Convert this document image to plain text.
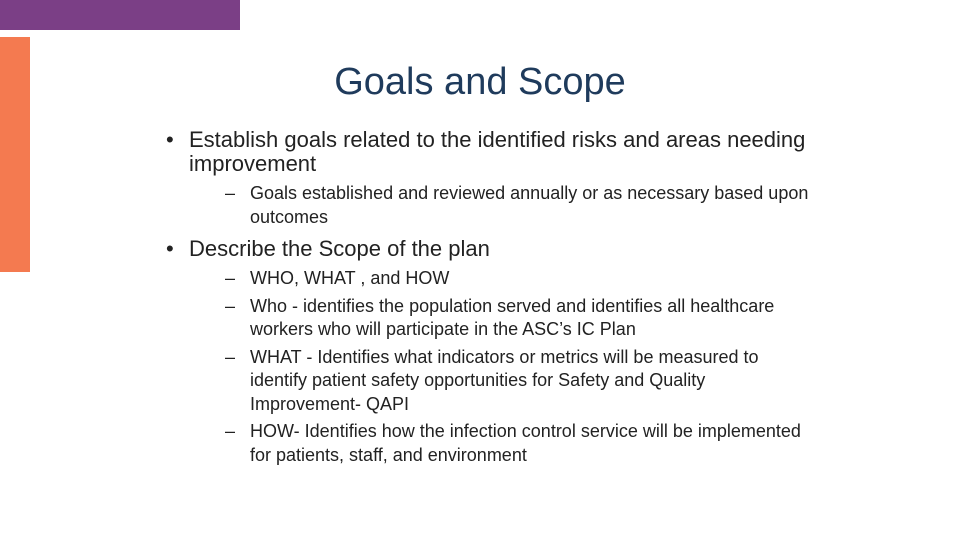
Goals and Scope
• Establish goals related to the identified risks and areas needing improvement
– Goals established and reviewed annually or as necessary based upon outcomes
• Describe the Scope of the plan
– WHO, WHAT , and HOW
– Who - identifies the population served and identifies all healthcare workers who will participate in the ASC’s IC Plan
– WHAT - Identifies what indicators or metrics will be measured to identify patient safety opportunities for Safety and Quality Improvement- QAPI
– HOW- Identifies how the infection control service will be implemented for patients, staff, and environment
